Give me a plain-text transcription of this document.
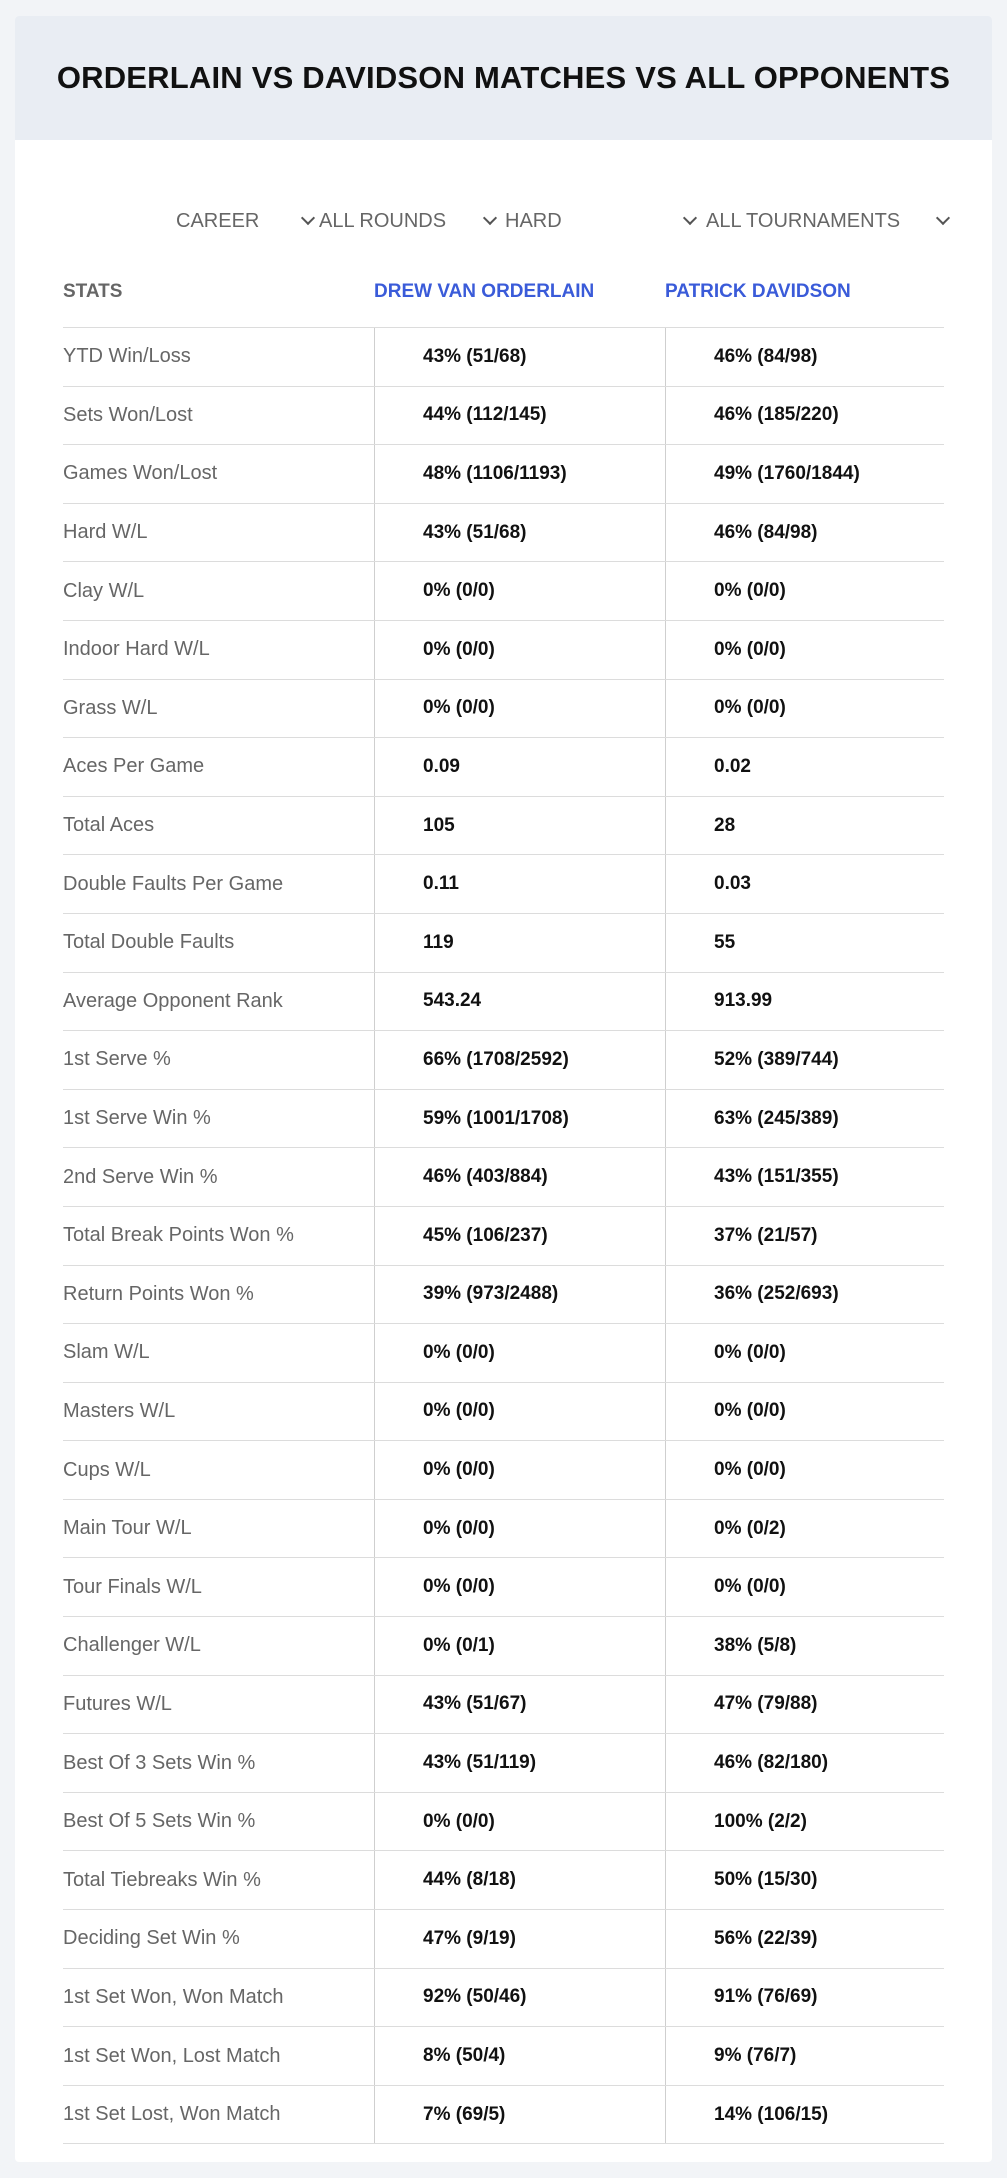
ORDERLAIN VS DAVIDSON MATCHES VS ALL OPPONENTS
CAREER	ALL ROUNDS	HARD	ALL TOURNAMENTS
STATS	DREW VAN ORDERLAIN	PATRICK DAVIDSON
YTD Win/Loss	43% (51/68)	46% (84/98)
Sets Won/Lost	44% (112/145)	46% (185/220)
Games Won/Lost	48% (1106/1193)	49% (1760/1844)
Hard W/L	43% (51/68)	46% (84/98)
Clay W/L	0% (0/0)	0% (0/0)
Indoor Hard W/L	0% (0/0)	0% (0/0)
Grass W/L	0% (0/0)	0% (0/0)
Aces Per Game	0.09	0.02
Total Aces	105	28
Double Faults Per Game	0.11	0.03
Total Double Faults	119	55
Average Opponent Rank	543.24	913.99
1st Serve %	66% (1708/2592)	52% (389/744)
1st Serve Win %	59% (1001/1708)	63% (245/389)
2nd Serve Win %	46% (403/884)	43% (151/355)
Total Break Points Won %	45% (106/237)	37% (21/57)
Return Points Won %	39% (973/2488)	36% (252/693)
Slam W/L	0% (0/0)	0% (0/0)
Masters W/L	0% (0/0)	0% (0/0)
Cups W/L	0% (0/0)	0% (0/0)
Main Tour W/L	0% (0/0)	0% (0/2)
Tour Finals W/L	0% (0/0)	0% (0/0)
Challenger W/L	0% (0/1)	38% (5/8)
Futures W/L	43% (51/67)	47% (79/88)
Best Of 3 Sets Win %	43% (51/119)	46% (82/180)
Best Of 5 Sets Win %	0% (0/0)	100% (2/2)
Total Tiebreaks Win %	44% (8/18)	50% (15/30)
Deciding Set Win %	47% (9/19)	56% (22/39)
1st Set Won, Won Match	92% (50/46)	91% (76/69)
1st Set Won, Lost Match	8% (50/4)	9% (76/7)
1st Set Lost, Won Match	7% (69/5)	14% (106/15)
